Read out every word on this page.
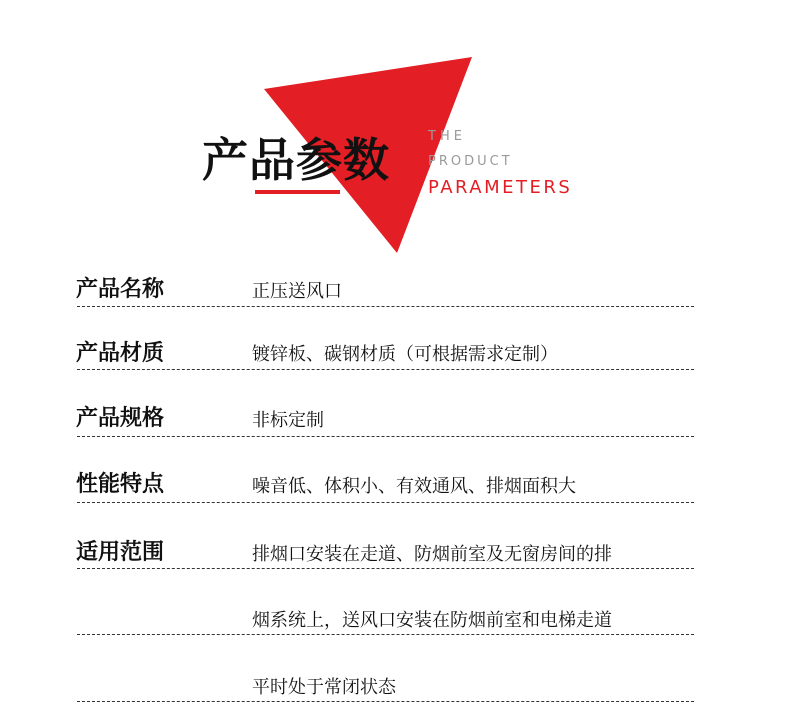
产品参数	THE
PRODUCT
PARAMETERS
产品名称	正压送风口
产品材质	镀锌板、碳钢材质（可根据需求定制）
产品规格	非标定制
性能特点	噪音低、体积小、有效通风、排烟面积大
适用范围	排烟口安装在走道、防烟前室及无窗房间的排
烟系统上，送风口安装在防烟前室和电梯走道
平时处于常闭状态
